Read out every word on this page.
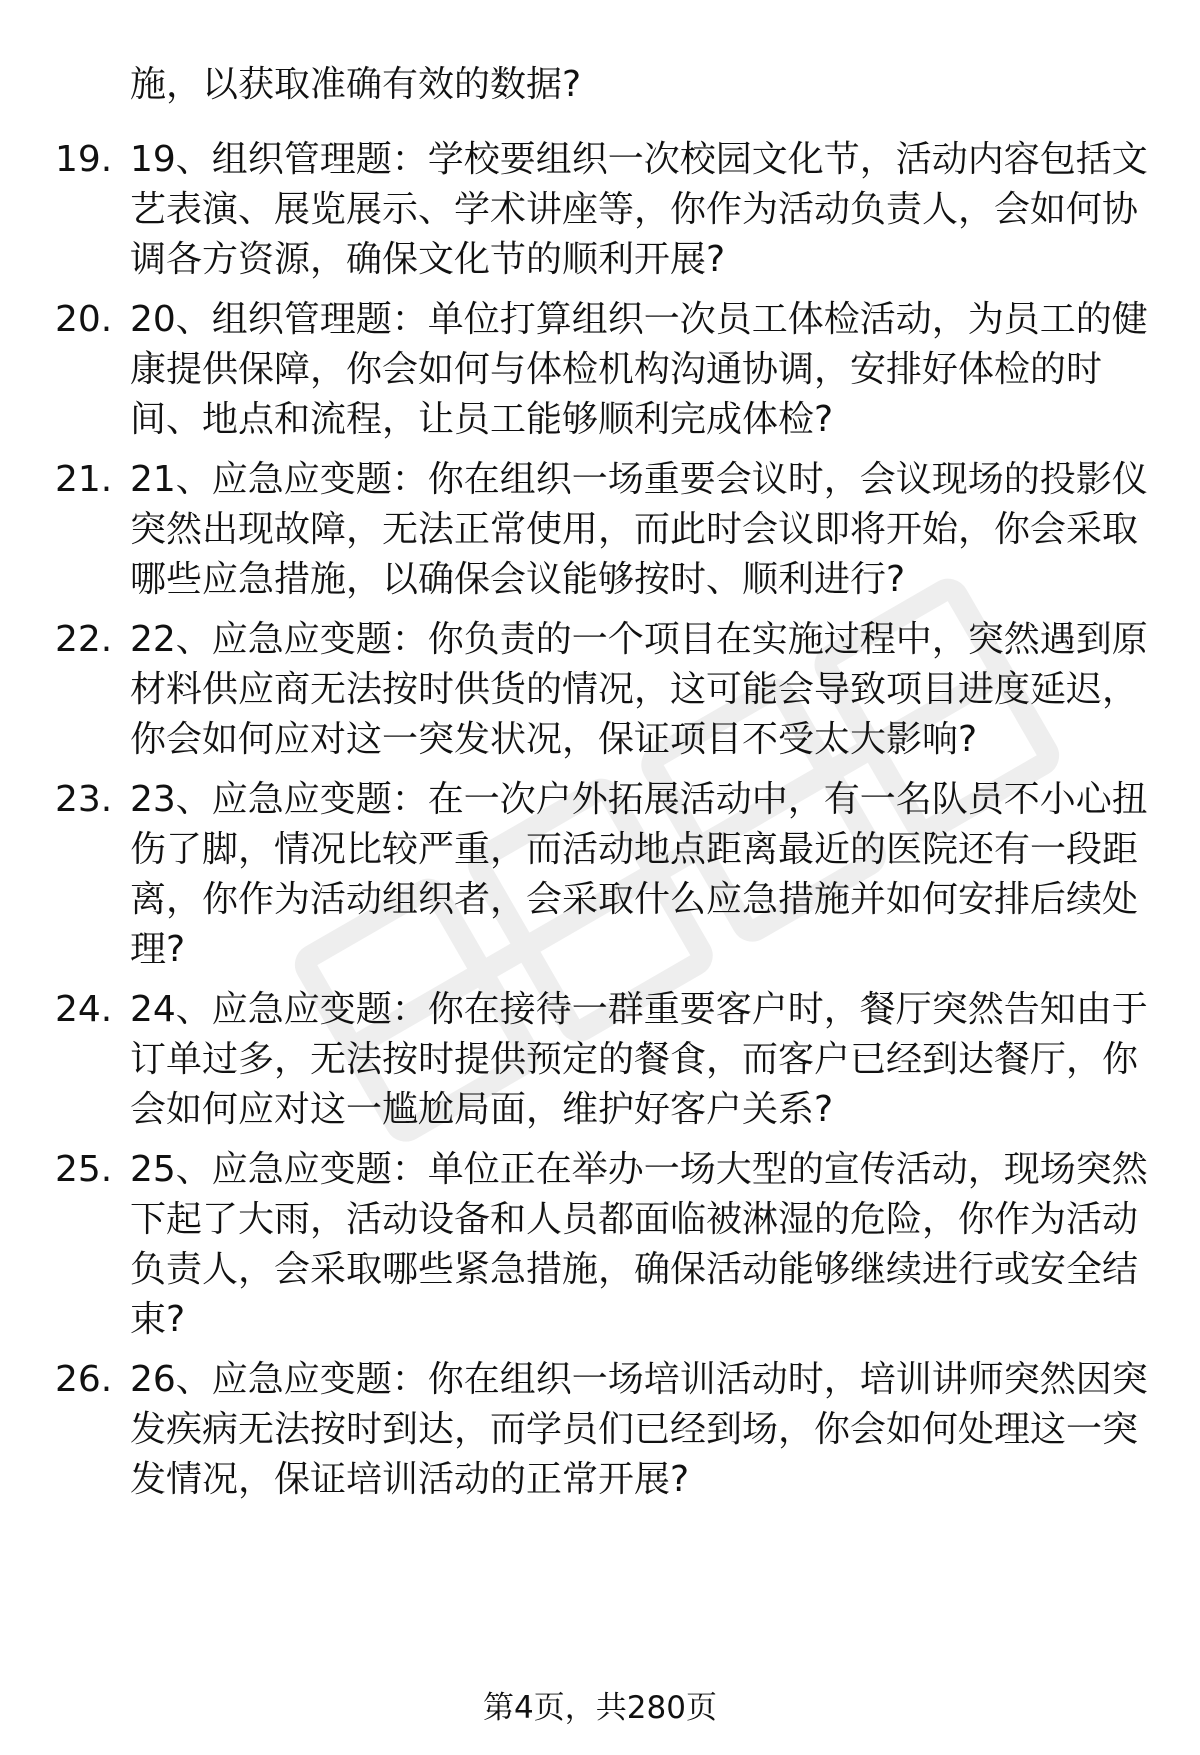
施，以获取准确有效的数据?
19. 19、组织管理题：学校要组织一次校园文化节，活动内容包括文艺表演、展览展示、学术讲座等，你作为活动负责人，会如何协调各方资源，确保文化节的顺利开展?
20. 20、组织管理题：单位打算组织一次员工体检活动，为员工的健康提供保障，你会如何与体检机构沟通协调，安排好体检的时间、地点和流程，让员工能够顺利完成体检?
21. 21、应急应变题：你在组织一场重要会议时，会议现场的投影仪突然出现故障，无法正常使用，而此时会议即将开始，你会采取哪些应急措施，以确保会议能够按时、顺利进行?
22. 22、应急应变题：你负责的一个项目在实施过程中，突然遇到原材料供应商无法按时供货的情况，这可能会导致项目进度延迟，你会如何应对这一突发状况，保证项目不受太大影响?
23. 23、应急应变题：在一次户外拓展活动中，有一名队员不小心扭伤了脚，情况比较严重，而活动地点距离最近的医院还有一段距离，你作为活动组织者，会采取什么应急措施并如何安排后续处理?
24. 24、应急应变题：你在接待一群重要客户时，餐厅突然告知由于订单过多，无法按时提供预定的餐食，而客户已经到达餐厅，你会如何应对这一尴尬局面，维护好客户关系?
25. 25、应急应变题：单位正在举办一场大型的宣传活动，现场突然下起了大雨，活动设备和人员都面临被淋湿的危险，你作为活动负责人，会采取哪些紧急措施，确保活动能够继续进行或安全结束?
26. 26、应急应变题：你在组织一场培训活动时，培训讲师突然因突发疾病无法按时到达，而学员们已经到场，你会如何处理这一突发情况，保证培训活动的正常开展?
第4页，共280页
